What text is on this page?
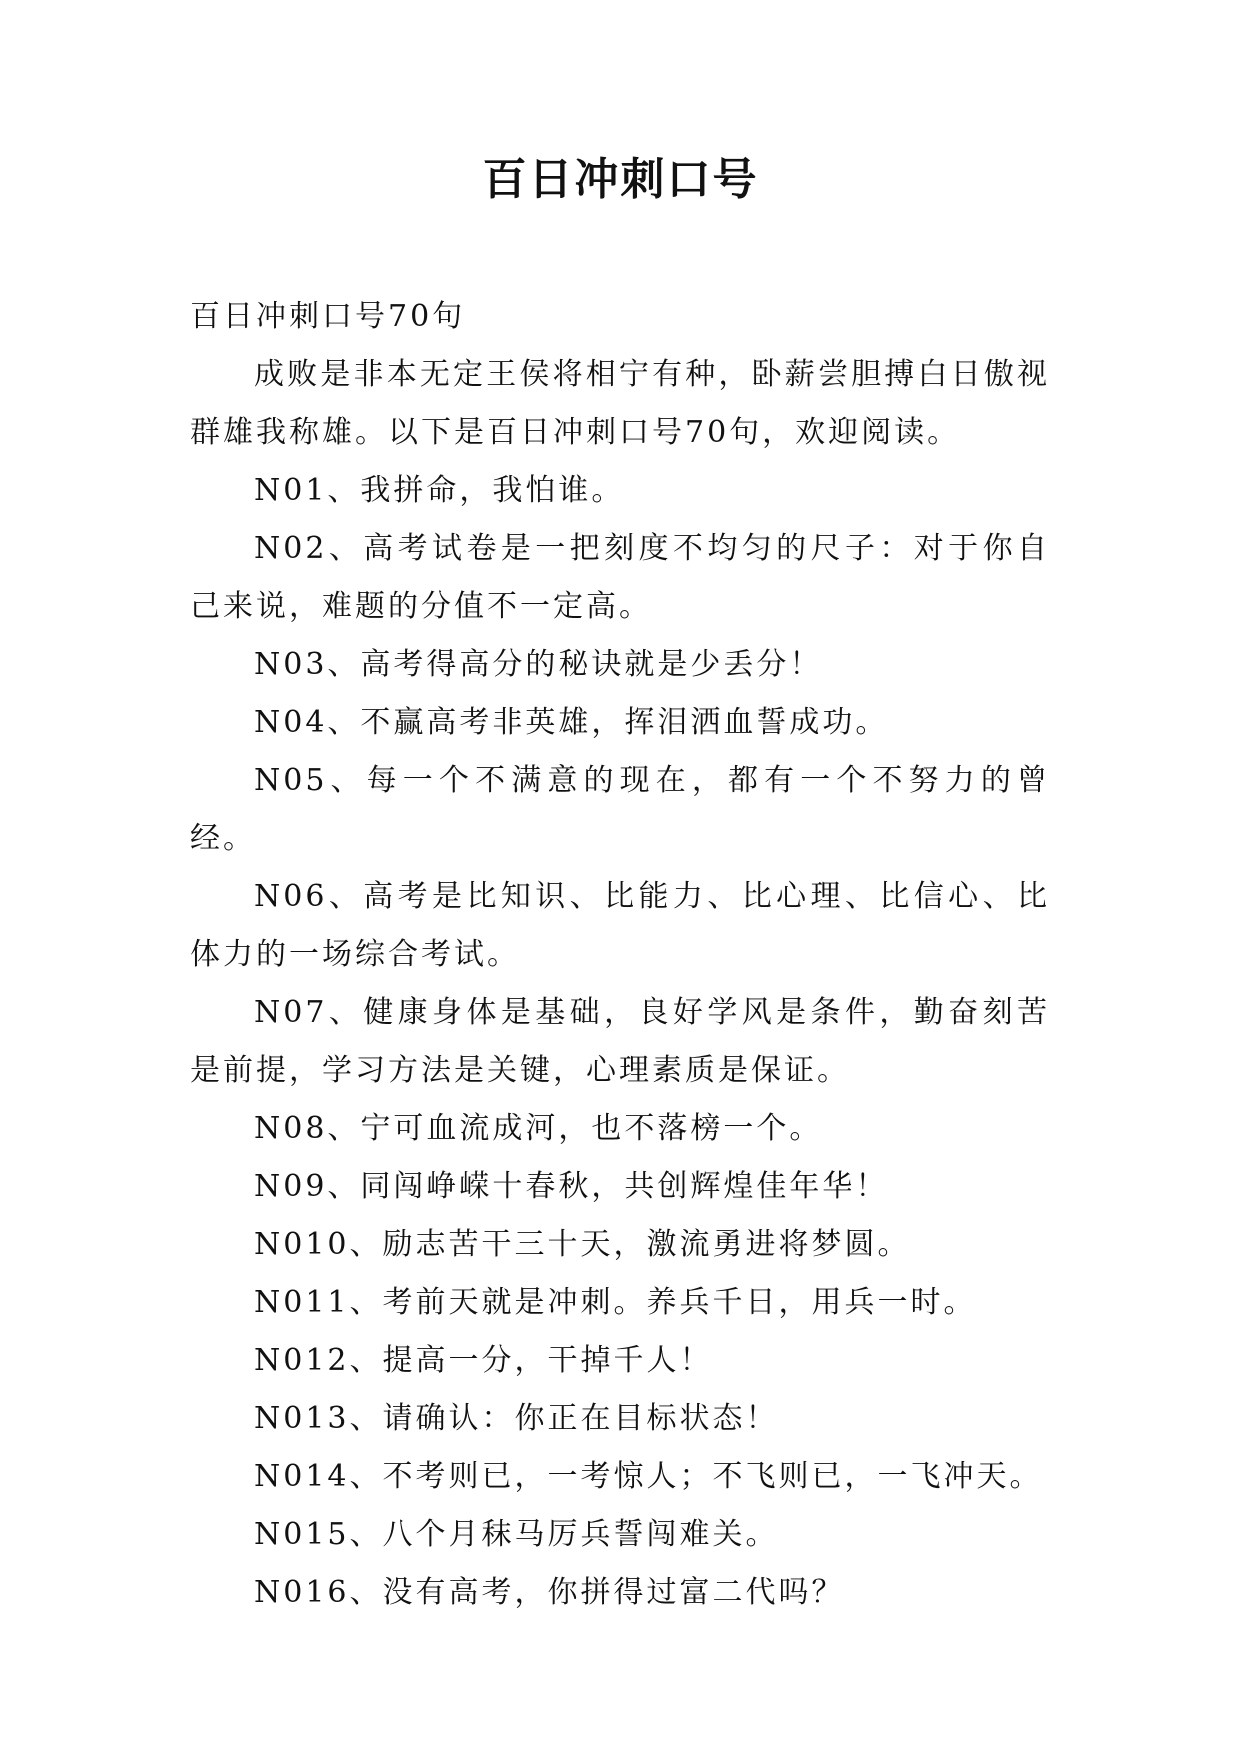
百日冲刺口号

百日冲刺口号70句

成败是非本无定王侯将相宁有种，卧薪尝胆搏白日傲视群雄我称雄。以下是百日冲刺口号70句，欢迎阅读。

N01、我拼命，我怕谁。

N02、高考试卷是一把刻度不均匀的尺子：对于你自己来说，难题的分值不一定高。

N03、高考得高分的秘诀就是少丢分！

N04、不赢高考非英雄，挥泪洒血誓成功。

N05、每一个不满意的现在，都有一个不努力的曾经。

N06、高考是比知识、比能力、比心理、比信心、比体力的一场综合考试。

N07、健康身体是基础，良好学风是条件，勤奋刻苦是前提，学习方法是关键，心理素质是保证。

N08、宁可血流成河，也不落榜一个。

N09、同闯峥嵘十春秋，共创辉煌佳年华！

N010、励志苦干三十天，激流勇进将梦圆。

N011、考前天就是冲刺。养兵千日，用兵一时。

N012、提高一分，干掉千人！

N013、请确认：你正在目标状态！

N014、不考则已，一考惊人；不飞则已，一飞冲天。

N015、八个月秣马厉兵誓闯难关。

N016、没有高考，你拼得过富二代吗？
